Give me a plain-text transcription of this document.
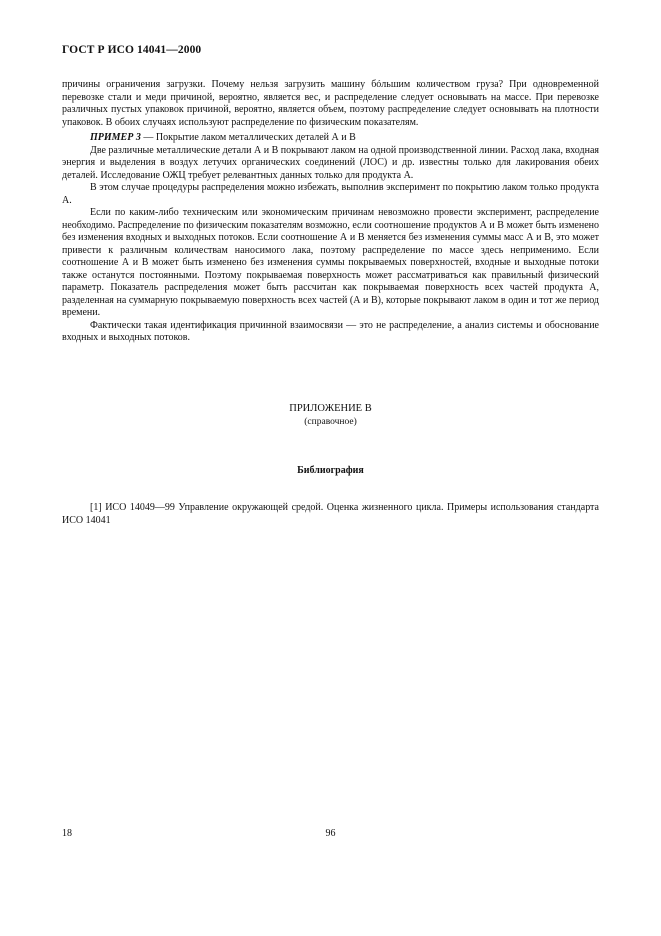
ГОСТ Р ИСО 14041—2000

причины ограничения загрузки. Почему нельзя загрузить машину бóльшим количеством груза? При одновременной перевозке стали и меди причиной, вероятно, является вес, и распределение следует основывать на массе. При перевозке различных пустых упаковок причиной, вероятно, является объем, поэтому распределение следует основывать на плотности упаковок. В обоих случаях используют распределение по физическим показателям.

ПРИМЕР 3 — Покрытие лаком металлических деталей А и В

Две различные металлические детали А и В покрывают лаком на одной производственной линии. Расход лака, входная энергия и выделения в воздух летучих органических соединений (ЛОС) и др. известны только для лакирования обеих деталей. Исследование ОЖЦ требует релевантных данных только для продукта А.

В этом случае процедуры распределения можно избежать, выполнив эксперимент по покрытию лаком только продукта А.

Если по каким-либо техническим или экономическим причинам невозможно провести эксперимент, распределение необходимо. Распределение по физическим показателям возможно, если соотношение продуктов А и В может быть изменено без изменения входных и выходных потоков. Если соотношение А и В меняется без изменения суммы масс А и В, это может привести к различным количествам наносимого лака, поэтому распределение по массе здесь неприменимо. Если соотношение А и В может быть изменено без изменения суммы покрываемых поверхностей, входные и выходные потоки также останутся постоянными. Поэтому покрываемая поверхность может рассматриваться как правильный физический параметр. Показатель распределения может быть рассчитан как покрываемая поверхность всех частей продукта А, разделенная на суммарную покрываемую поверхность всех частей (А и В), которые покрывают лаком в один и тот же период времени.

Фактически такая идентификация причинной взаимосвязи — это не распределение, а анализ системы и обоснование входных и выходных потоков.

ПРИЛОЖЕНИЕ В
(справочное)
Библиография

[1] ИСО 14049—99 Управление окружающей средой. Оценка жизненного цикла. Примеры использования стандарта ИСО 14041

18	96
